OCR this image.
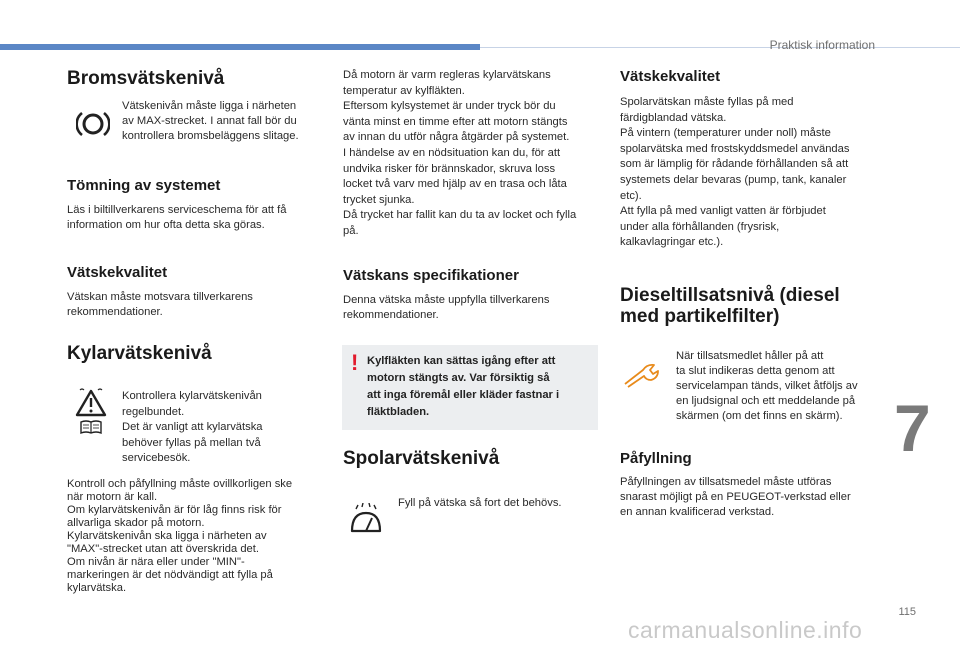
Praktisk information
7
115
carmanualsonline.info
Bromsvätskenivå

Vätskenivån måste ligga i närheten
av MAX-strecket. I annat fall bör du
kontrollera bromsbeläggens slitage.

Tömning av systemet

Läs i biltillverkarens serviceschema för att få
information om hur ofta detta ska göras.

Vätskekvalitet

Vätskan måste motsvara tillverkarens
rekommendationer.

Kylarvätskenivå

Kontrollera kylarvätskenivån
regelbundet.
Det är vanligt att kylarvätska
behöver fyllas på mellan två
servicebesök.

Kontroll och påfyllning måste ovillkorligen ske
när motorn är kall.
Om kylarvätskenivån är för låg finns risk för
allvarliga skador på motorn.
Kylarvätskenivån ska ligga i närheten av
"MAX"-strecket utan att överskrida det.
Om nivån är nära eller under "MIN"-
markeringen är det nödvändigt att fylla på
kylarvätska.

Då motorn är varm regleras kylarvätskans
temperatur av kylfläkten.
Eftersom kylsystemet är under tryck bör du
vänta minst en timme efter att motorn stängts
av innan du utför några åtgärder på systemet.
I händelse av en nödsituation kan du, för att
undvika risker för brännskador, skruva loss
locket två varv med hjälp av en trasa och låta
trycket sjunka.
Då trycket har fallit kan du ta av locket och fylla
på.

Vätskans specifikationer

Denna vätska måste uppfylla tillverkarens
rekommendationer.

! Kylfläkten kan sättas igång efter att
motorn stängts av. Var försiktig så
att inga föremål eller kläder fastnar i
fläktbladen.

Spolarvätskenivå

Fyll på vätska så fort det behövs.

Vätskekvalitet

Spolarvätskan måste fyllas på med
färdigblandad vätska.
På vintern (temperaturer under noll) måste
spolarvätska med frostskyddsmedel användas
som är lämplig för rådande förhållanden så att
systemets delar bevaras (pump, tank, kanaler
etc).
Att fylla på med vanligt vatten är förbjudet
under alla förhållanden (frysrisk,
kalkavlagringar etc.).

Dieseltillsatsnivå (diesel
med partikelfilter)

När tillsatsmedlet håller på att
ta slut indikeras detta genom att
servicelampan tänds, vilket åtföljs av
en ljudsignal och ett meddelande på
skärmen (om det finns en skärm).

Påfyllning

Påfyllningen av tillsatsmedel måste utföras
snarast möjligt på en PEUGEOT-verkstad eller
en annan kvalificerad verkstad.
